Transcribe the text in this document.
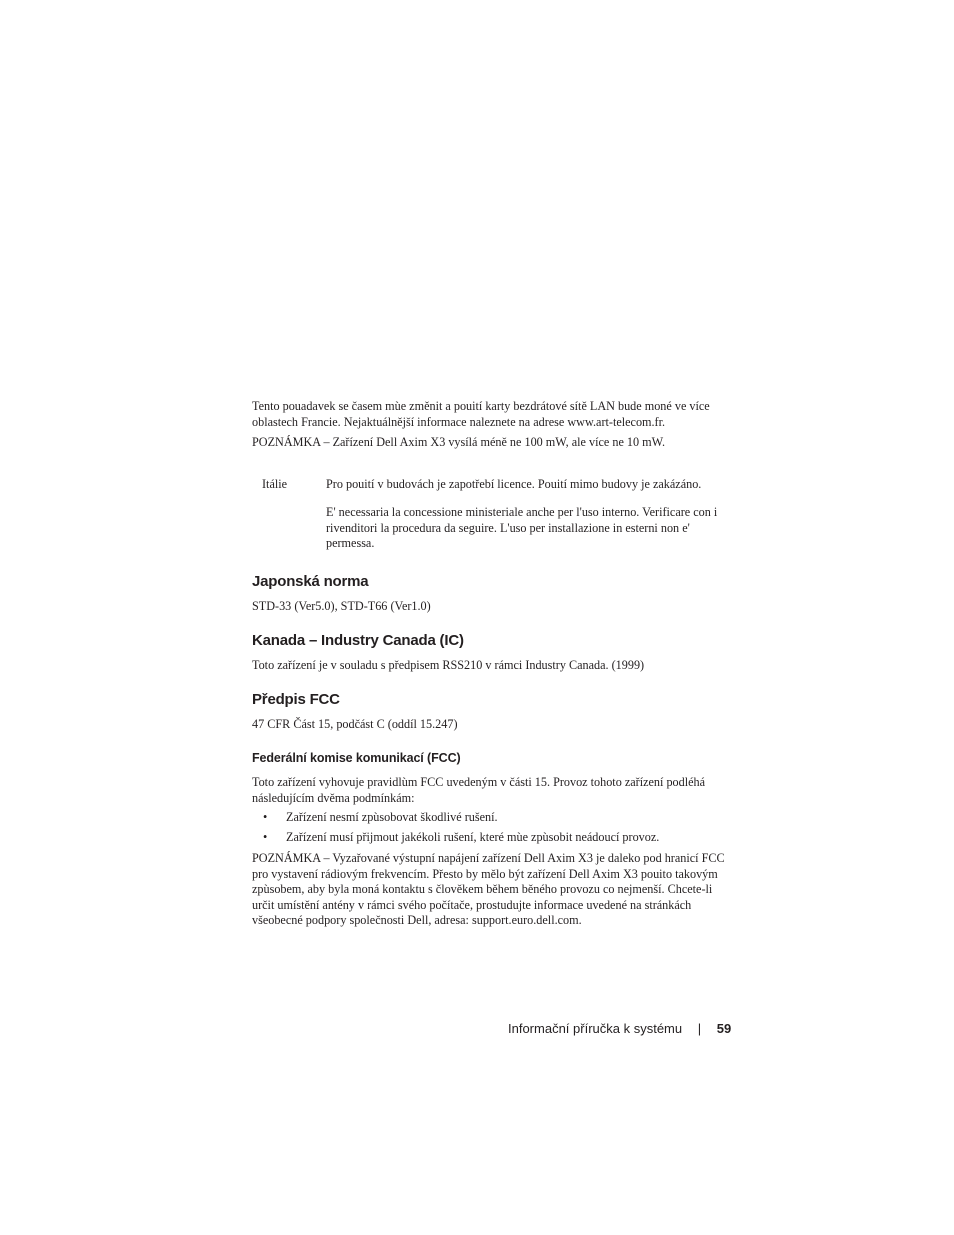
Tento pouadavek se časem mùe změnit a pouití karty bezdrátové sítě LAN bude moné ve více oblastech Francie. Nejaktuálnější informace naleznete na adrese www.art-telecom.fr.

POZNÁMKA – Zařízení Dell Axim X3 vysílá méně ne 100 mW, ale více ne 10 mW.

Itálie	Pro pouití v budovách je zapotřebí licence. Pouití mimo budovy je zakázáno.

E' necessaria la concessione ministeriale anche per l'uso interno. Verificare con i rivenditori la procedura da seguire. L'uso per installazione in esterni non e' permessa.

Japonská norma

STD-33 (Ver5.0), STD-T66 (Ver1.0)

Kanada – Industry Canada (IC)

Toto zařízení je v souladu s předpisem RSS210 v rámci Industry Canada. (1999)

Předpis FCC

47 CFR Část 15, podčást C (oddíl 15.247)

Federální komise komunikací (FCC)

Toto zařízení vyhovuje pravidlùm FCC uvedeným v části 15. Provoz tohoto zařízení podléhá následujícím dvěma podmínkám:

• Zařízení nesmí zpùsobovat škodlivé rušení.
• Zařízení musí přijmout jakékoli rušení, které mùe zpùsobit neádoucí provoz.

POZNÁMKA – Vyzařované výstupní napájení zařízení Dell Axim X3 je daleko pod hranicí FCC pro vystavení rádiovým frekvencím. Přesto by mělo být zařízení Dell Axim X3 pouito takovým zpùsobem, aby byla moná kontaktu s člověkem během běného provozu co nejmenší. Chcete-li určit umístění antény v rámci svého počítače, prostudujte informace uvedené na stránkách všeobecné podpory společnosti Dell, adresa: support.euro.dell.com.

Informační příručka k systému | 59
